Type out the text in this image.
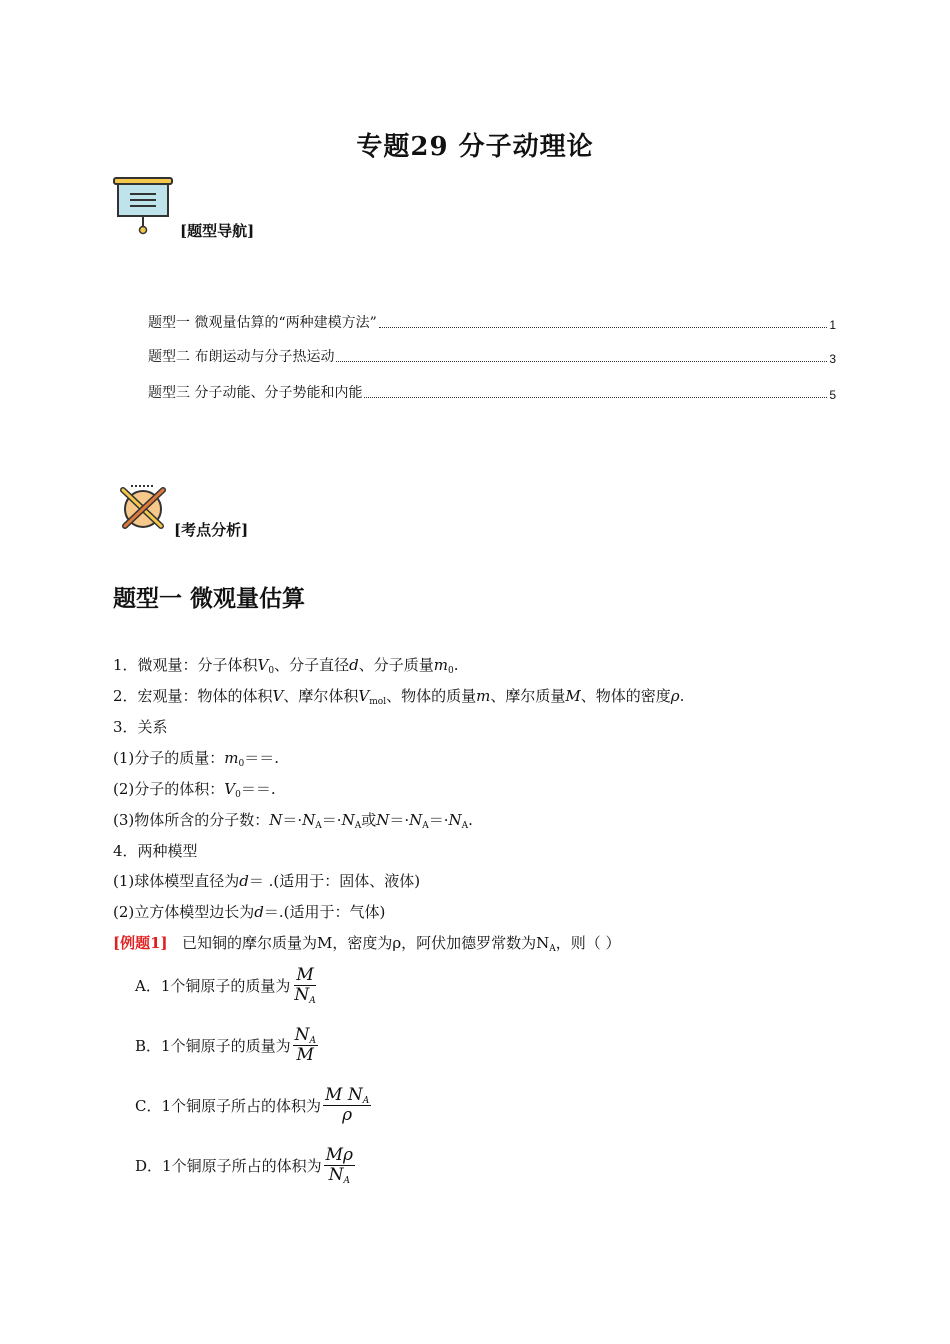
专题29 分子动理论
[题型导航]
题型一 微观量估算的“两种建模方法”	1
题型二 布朗运动与分子热运动	3
题型三 分子动能、分子势能和内能	5
[考点分析]
题型一 微观量估算
1．微观量：分子体积$V_0$、分子直径d、分子质量$m_0$.
2．宏观量：物体的体积V、摩尔体积$V_{mol}$、物体的质量m、摩尔质量M、物体的密度ρ.
3．关系
(1)分子的质量：$m_0==$.
(2)分子的体积：$V_0==$.
(3)物体所含的分子数：$N=\cdot N_A=\cdot N_A$或$N=\cdot N_A=\cdot N_A$.
4．两种模型
(1)球体模型直径为d＝ .(适用于：固体、液体)
(2)立方体模型边长为d＝.(适用于：气体)
[例题1] 已知铜的摩尔质量为M，密度为ρ，阿伏加德罗常数为$N_A$，则（ ）
A．1个铜原子的质量为 $\frac{M}{N_A}$
B．1个铜原子的质量为 $\frac{N_A}{M}$
C．1个铜原子所占的体积为 $\frac{M N_A}{\rho}$
D．1个铜原子所占的体积为 $\frac{M\rho}{N_A}$
